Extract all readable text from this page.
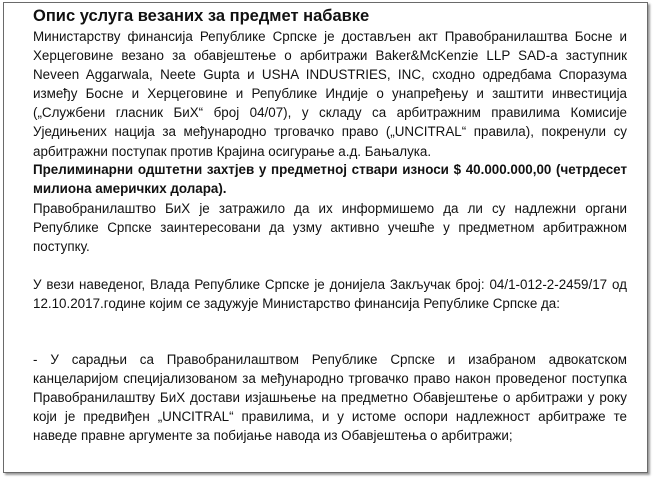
Опис услуга везаних за предмет набавке

Министарству финансија Републике Српске је достављен акт Правобранилаштва Босне и Херцеговине везано за обавјештење о арбитражи Baker&McKenzie LLP SAD-а заступник Neveen Aggarwala, Neete Gupta и USHA INDUSTRIES, INC, сходно одредбама Споразума између Босне и Херцеговине и Републике Индије о унапређењу и заштити инвестиција („Службени гласник БиХ“ број 04/07), у складу са арбитражним правилима Комисије Уједињених нација за међународно трговачко право („UNCITRAL“ правила), покренули су арбитражни поступак против Крајина осигурање а.д. Бањалука.

Прелиминарни одштетни захтјев у предметној ствари износи $ 40.000.000,00 (четрдесет милиона америчких долара).

Правобранилаштво БиХ је затражило да их информишемо да ли су надлежни органи Републике Српске заинтересовани да узму активно учешће у предметном арбитражном поступку.

У вези наведеног, Влада Републике Српске је донијела Закључак број: 04/1-012-2-2459/17 од 12.10.2017.године којим се задужује Министарство финансија Републике Српске да:

- У сарадњи са Правобранилаштвом Републике Српске и изабраном адвокатском канцеларијом специјализованом за међународно трговачко право након проведеног поступка Правобранилаштву БиХ достави изјашњење на предметно Обавјештење о арбитражи у року који је предвиђен „UNCITRAL“ правилима, и у истоме оспори надлежност арбитраже те наведе правне аргументе за побијање навода из Обавјештења о арбитражи;
